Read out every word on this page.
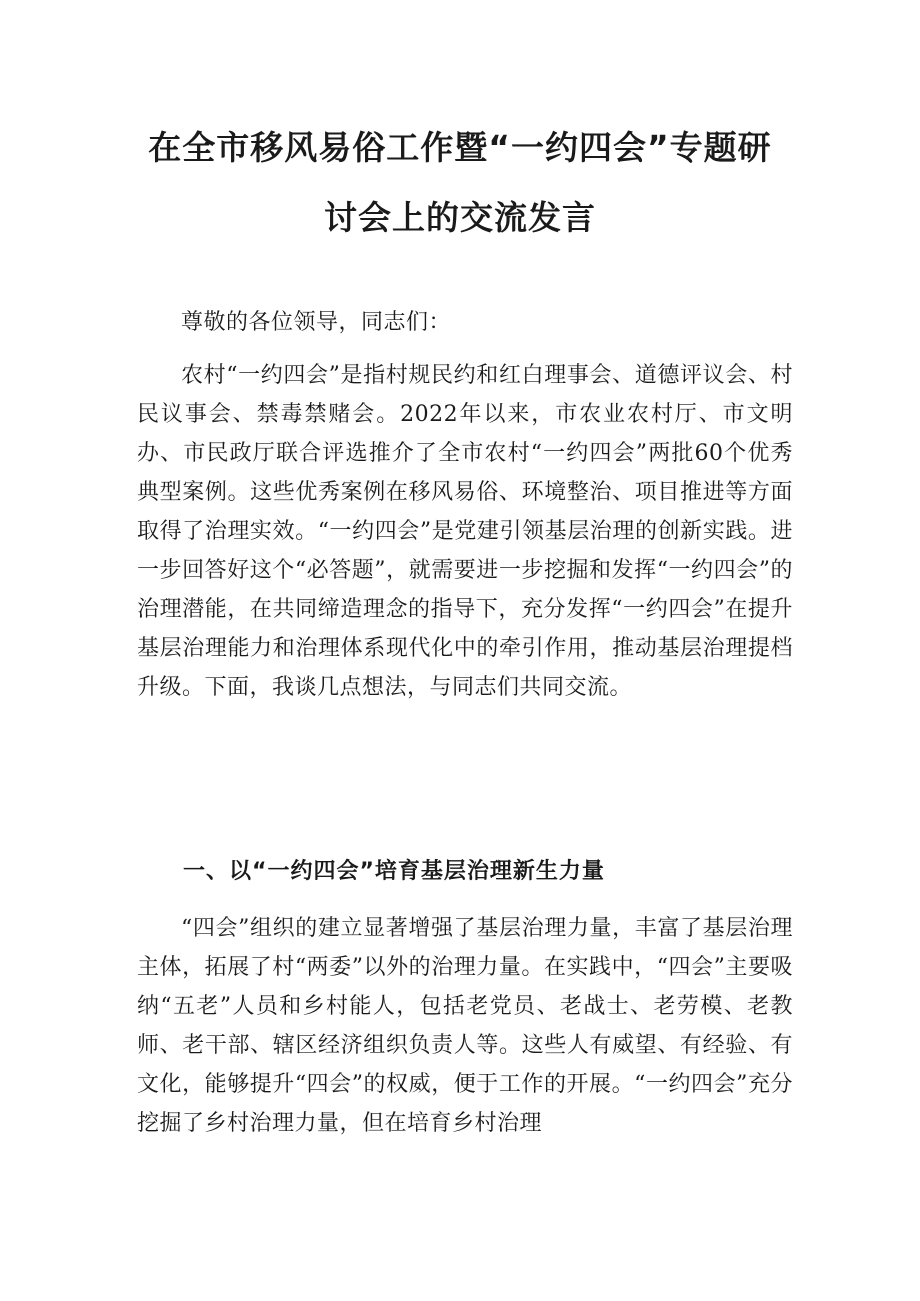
在全市移风易俗工作暨“一约四会”专题研
讨会上的交流发言

尊敬的各位领导，同志们：

农村“一约四会”是指村规民约和红白理事会、道德评议会、村民议事会、禁毒禁赌会。2022年以来，市农业农村厅、市文明办、市民政厅联合评选推介了全市农村“一约四会”两批60个优秀典型案例。这些优秀案例在移风易俗、环境整治、项目推进等方面取得了治理实效。“一约四会”是党建引领基层治理的创新实践。进一步回答好这个“必答题”，就需要进一步挖掘和发挥“一约四会”的治理潜能，在共同缔造理念的指导下，充分发挥“一约四会”在提升基层治理能力和治理体系现代化中的牵引作用，推动基层治理提档升级。下面，我谈几点想法，与同志们共同交流。

一、以“一约四会”培育基层治理新生力量

“四会”组织的建立显著增强了基层治理力量，丰富了基层治理主体，拓展了村“两委”以外的治理力量。在实践中，“四会”主要吸纳“五老”人员和乡村能人，包括老党员、老战士、老劳模、老教师、老干部、辖区经济组织负责人等。这些人有威望、有经验、有文化，能够提升“四会”的权威，便于工作的开展。“一约四会”充分挖掘了乡村治理力量，但在培育乡村治理
